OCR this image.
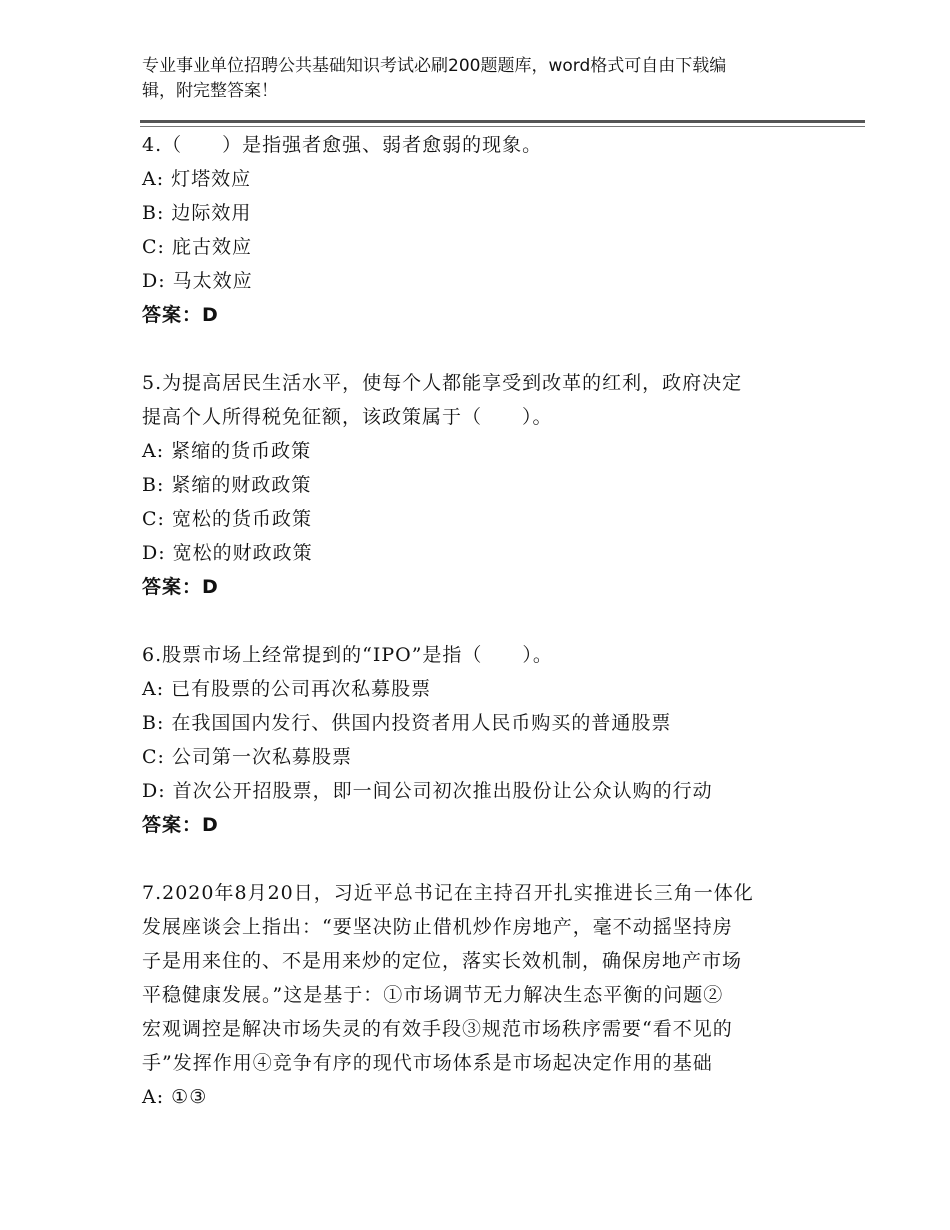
专业事业单位招聘公共基础知识考试必刷200题题库，word格式可自由下载编
辑，附完整答案！
4.（　　）是指强者愈强、弱者愈弱的现象。
A: 灯塔效应
B: 边际效用
C: 庇古效应
D: 马太效应
答案：D
5.为提高居民生活水平，使每个人都能享受到改革的红利，政府决定
提高个人所得税免征额，该政策属于（　　）。
A: 紧缩的货币政策
B: 紧缩的财政政策
C: 宽松的货币政策
D: 宽松的财政政策
答案：D
6.股票市场上经常提到的“IPO”是指（　　）。
A: 已有股票的公司再次私募股票
B: 在我国国内发行、供国内投资者用人民币购买的普通股票
C: 公司第一次私募股票
D: 首次公开招股票，即一间公司初次推出股份让公众认购的行动
答案：D
7.2020年8月20日，习近平总书记在主持召开扎实推进长三角一体化
发展座谈会上指出：“要坚决防止借机炒作房地产，毫不动摇坚持房
子是用来住的、不是用来炒的定位，落实长效机制，确保房地产市场
平稳健康发展。”这是基于：①市场调节无力解决生态平衡的问题②
宏观调控是解决市场失灵的有效手段③规范市场秩序需要“看不见的
手”发挥作用④竞争有序的现代市场体系是市场起决定作用的基础
A: ①③
